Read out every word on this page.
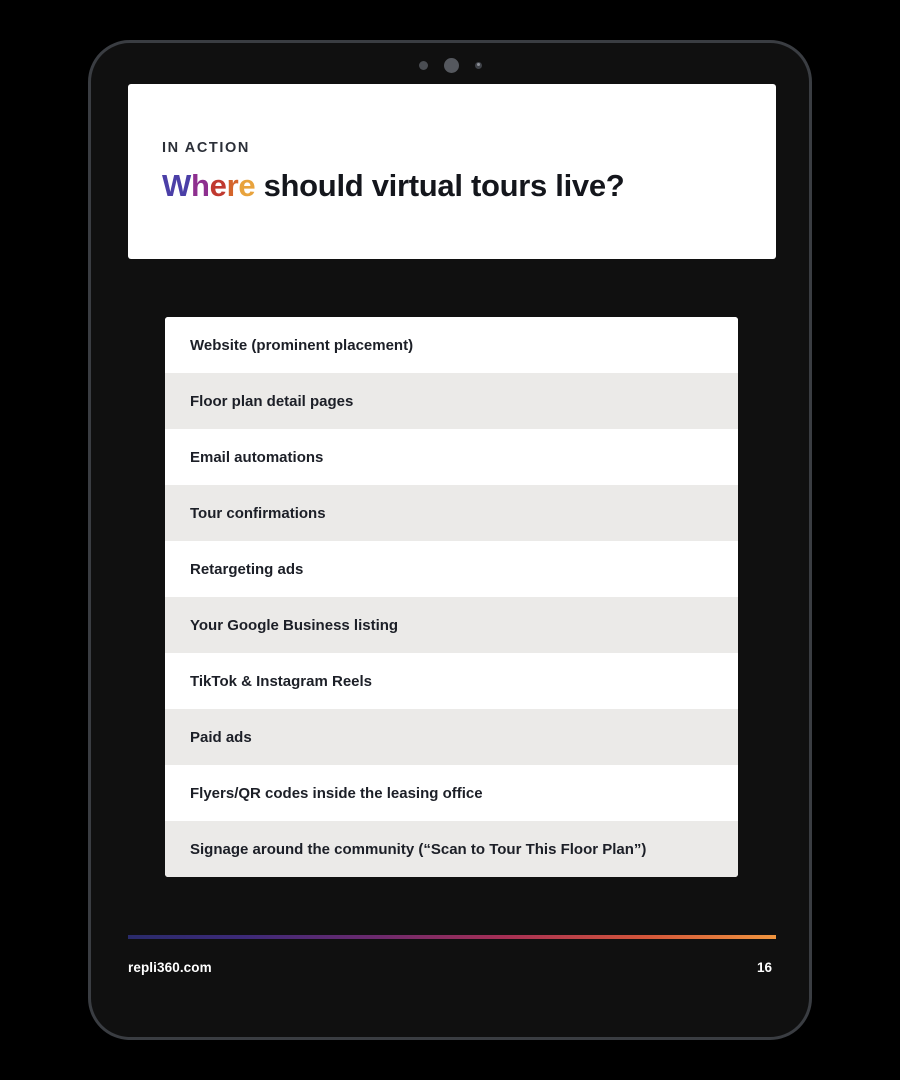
IN ACTION
Where should virtual tours live?
Website (prominent placement)
Floor plan detail pages
Email automations
Tour confirmations
Retargeting ads
Your Google Business listing
TikTok & Instagram Reels
Paid ads
Flyers/QR codes inside the leasing office
Signage around the community (“Scan to Tour This Floor Plan”)
repli360.com	16
